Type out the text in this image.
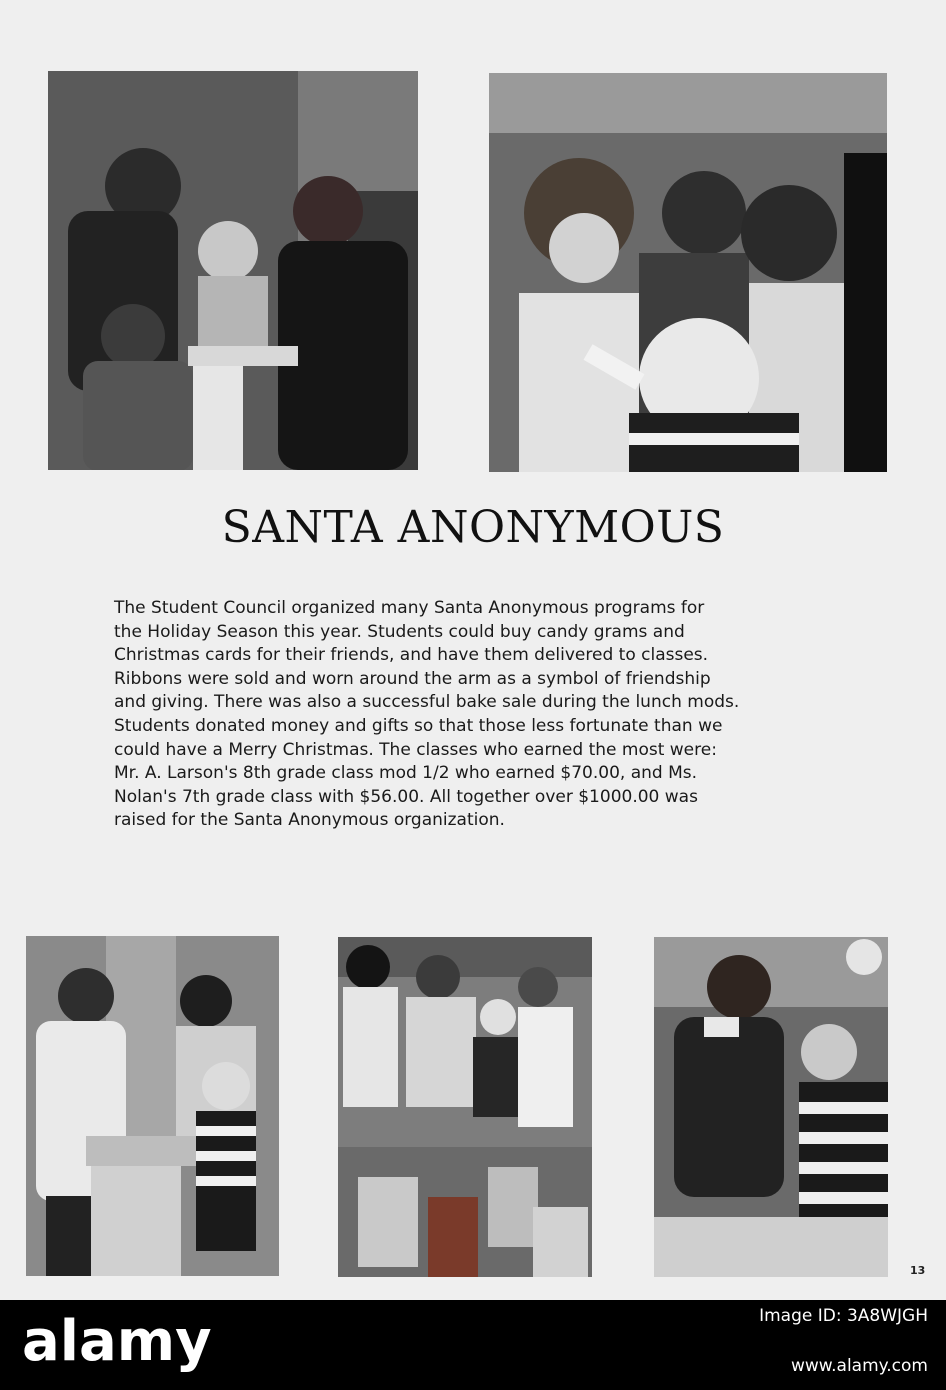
SANTA ANONYMOUS
The Student Council organized many Santa Anonymous programs for
the Holiday Season this year. Students could buy candy grams and
Christmas cards for their friends, and have them delivered to classes.
Ribbons were sold and worn around the arm as a symbol of friendship
and giving. There was also a successful bake sale during the lunch mods.
Students donated money and gifts so that those less fortunate than we
could have a Merry Christmas. The classes who earned the most were:
Mr. A. Larson's 8th grade class mod 1/2 who earned $70.00, and Ms.
Nolan's 7th grade class with $56.00. All together over $1000.00 was
raised for the Santa Anonymous organization.
13
alamy	Image ID: 3A8WJGH
www.alamy.com
